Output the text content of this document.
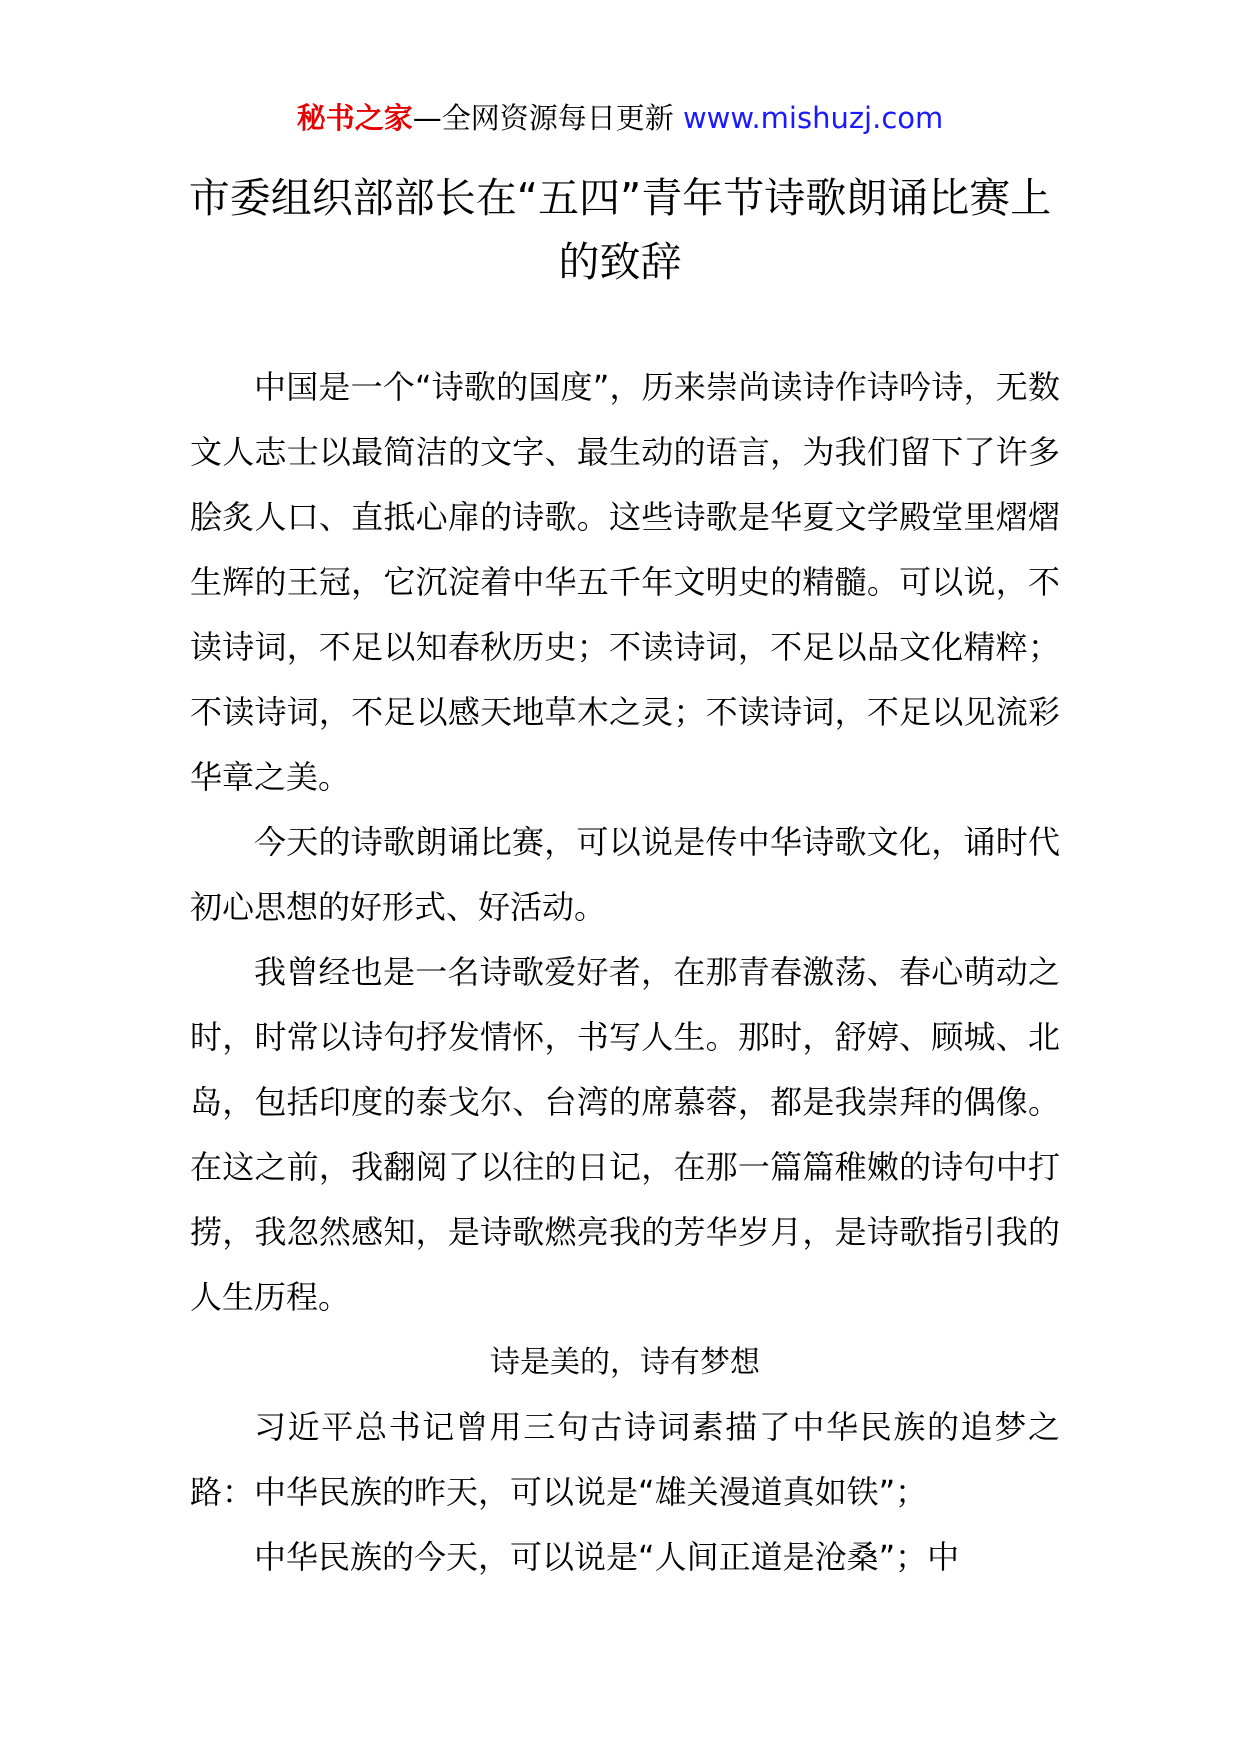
秘书之家—全网资源每日更新 www.mishuzj.com
市委组织部部长在“五四”青年节诗歌朗诵比赛上的致辞

中国是一个“诗歌的国度”，历来崇尚读诗作诗吟诗，无数文人志士以最简洁的文字、最生动的语言，为我们留下了许多脍炙人口、直抵心扉的诗歌。这些诗歌是华夏文学殿堂里熠熠生辉的王冠，它沉淀着中华五千年文明史的精髓。可以说，不读诗词，不足以知春秋历史；不读诗词，不足以品文化精粹；不读诗词，不足以感天地草木之灵；不读诗词，不足以见流彩华章之美。

今天的诗歌朗诵比赛，可以说是传中华诗歌文化，诵时代初心思想的好形式、好活动。

我曾经也是一名诗歌爱好者，在那青春激荡、春心萌动之时，时常以诗句抒发情怀，书写人生。那时，舒婷、顾城、北岛，包括印度的泰戈尔、台湾的席慕蓉，都是我崇拜的偶像。在这之前，我翻阅了以往的日记，在那一篇篇稚嫩的诗句中打捞，我忽然感知，是诗歌燃亮我的芳华岁月，是诗歌指引我的人生历程。

诗是美的，诗有梦想

习近平总书记曾用三句古诗词素描了中华民族的追梦之路：中华民族的昨天，可以说是“雄关漫道真如铁”；

中华民族的今天，可以说是“人间正道是沧桑”；中
